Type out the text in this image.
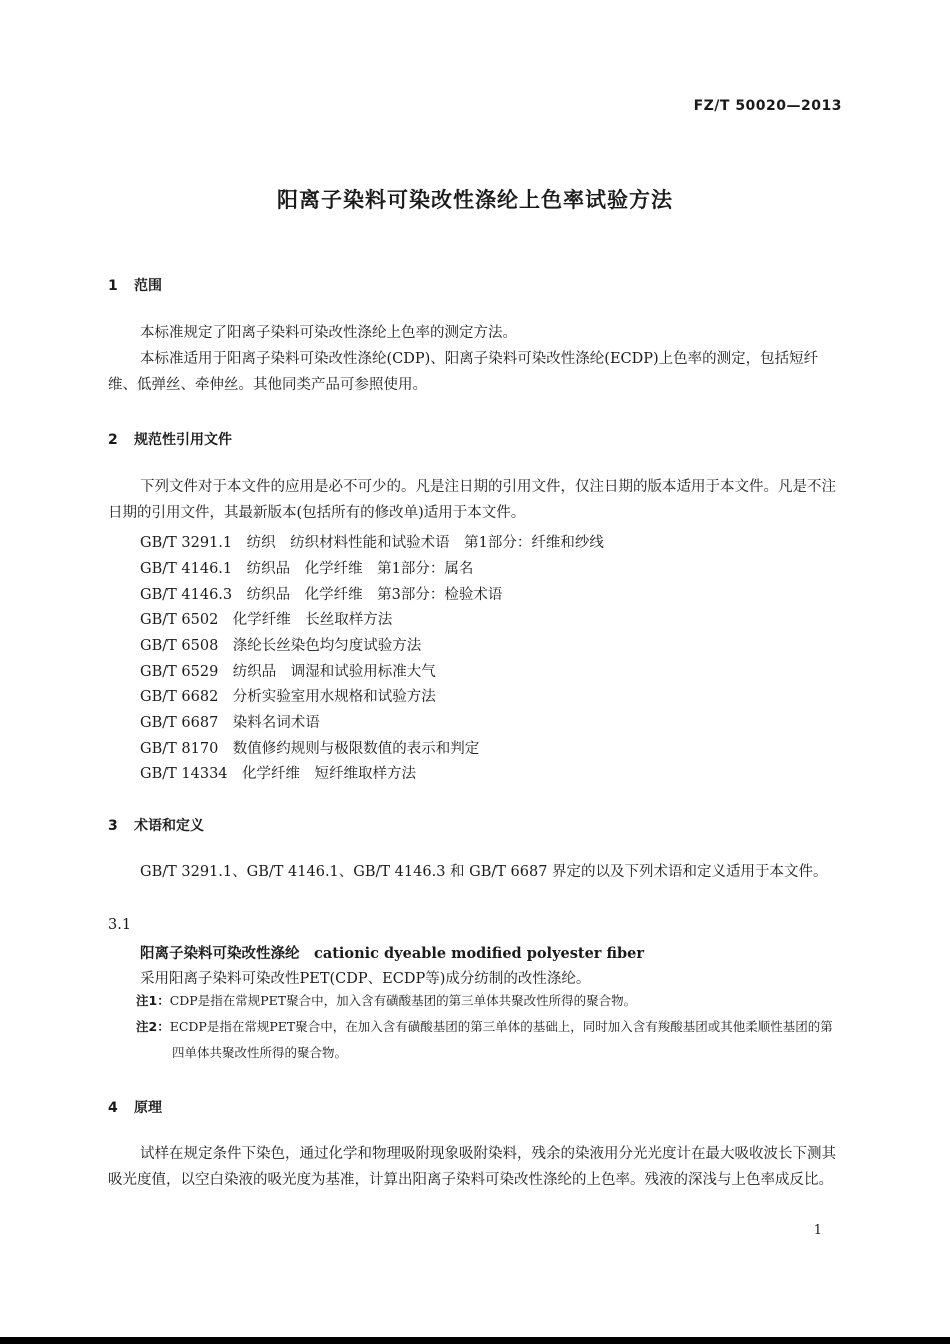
FZ/T 50020—2013
阳离子染料可染改性涤纶上色率试验方法
1 范围
本标准规定了阳离子染料可染改性涤纶上色率的测定方法。
本标准适用于阳离子染料可染改性涤纶(CDP)、阳离子染料可染改性涤纶(ECDP)上色率的测定，包括短纤维、低弹丝、牵伸丝。其他同类产品可参照使用。
2 规范性引用文件
下列文件对于本文件的应用是必不可少的。凡是注日期的引用文件，仅注日期的版本适用于本文件。凡是不注日期的引用文件，其最新版本(包括所有的修改单)适用于本文件。
GB/T 3291.1　纺织　纺织材料性能和试验术语　第1部分：纤维和纱线
GB/T 4146.1　纺织品　化学纤维　第1部分：属名
GB/T 4146.3　纺织品　化学纤维　第3部分：检验术语
GB/T 6502　化学纤维　长丝取样方法
GB/T 6508　涤纶长丝染色均匀度试验方法
GB/T 6529　纺织品　调湿和试验用标准大气
GB/T 6682　分析实验室用水规格和试验方法
GB/T 6687　染料名词术语
GB/T 8170　数值修约规则与极限数值的表示和判定
GB/T 14334　化学纤维　短纤维取样方法
3 术语和定义
GB/T 3291.1、GB/T 4146.1、GB/T 4146.3 和 GB/T 6687 界定的以及下列术语和定义适用于本文件。
3.1
阳离子染料可染改性涤纶　cationic dyeable modified polyester fiber
采用阳离子染料可染改性PET(CDP、ECDP等)成分纺制的改性涤纶。
注1：CDP是指在常规PET聚合中，加入含有磺酸基团的第三单体共聚改性所得的聚合物。
注2：ECDP是指在常规PET聚合中，在加入含有磺酸基团的第三单体的基础上，同时加入含有羧酸基团或其他柔顺性基团的第四单体共聚改性所得的聚合物。
4 原理
试样在规定条件下染色，通过化学和物理吸附现象吸附染料，残余的染液用分光光度计在最大吸收波长下测其吸光度值，以空白染液的吸光度为基准，计算出阳离子染料可染改性涤纶的上色率。残液的深浅与上色率成反比。
1
